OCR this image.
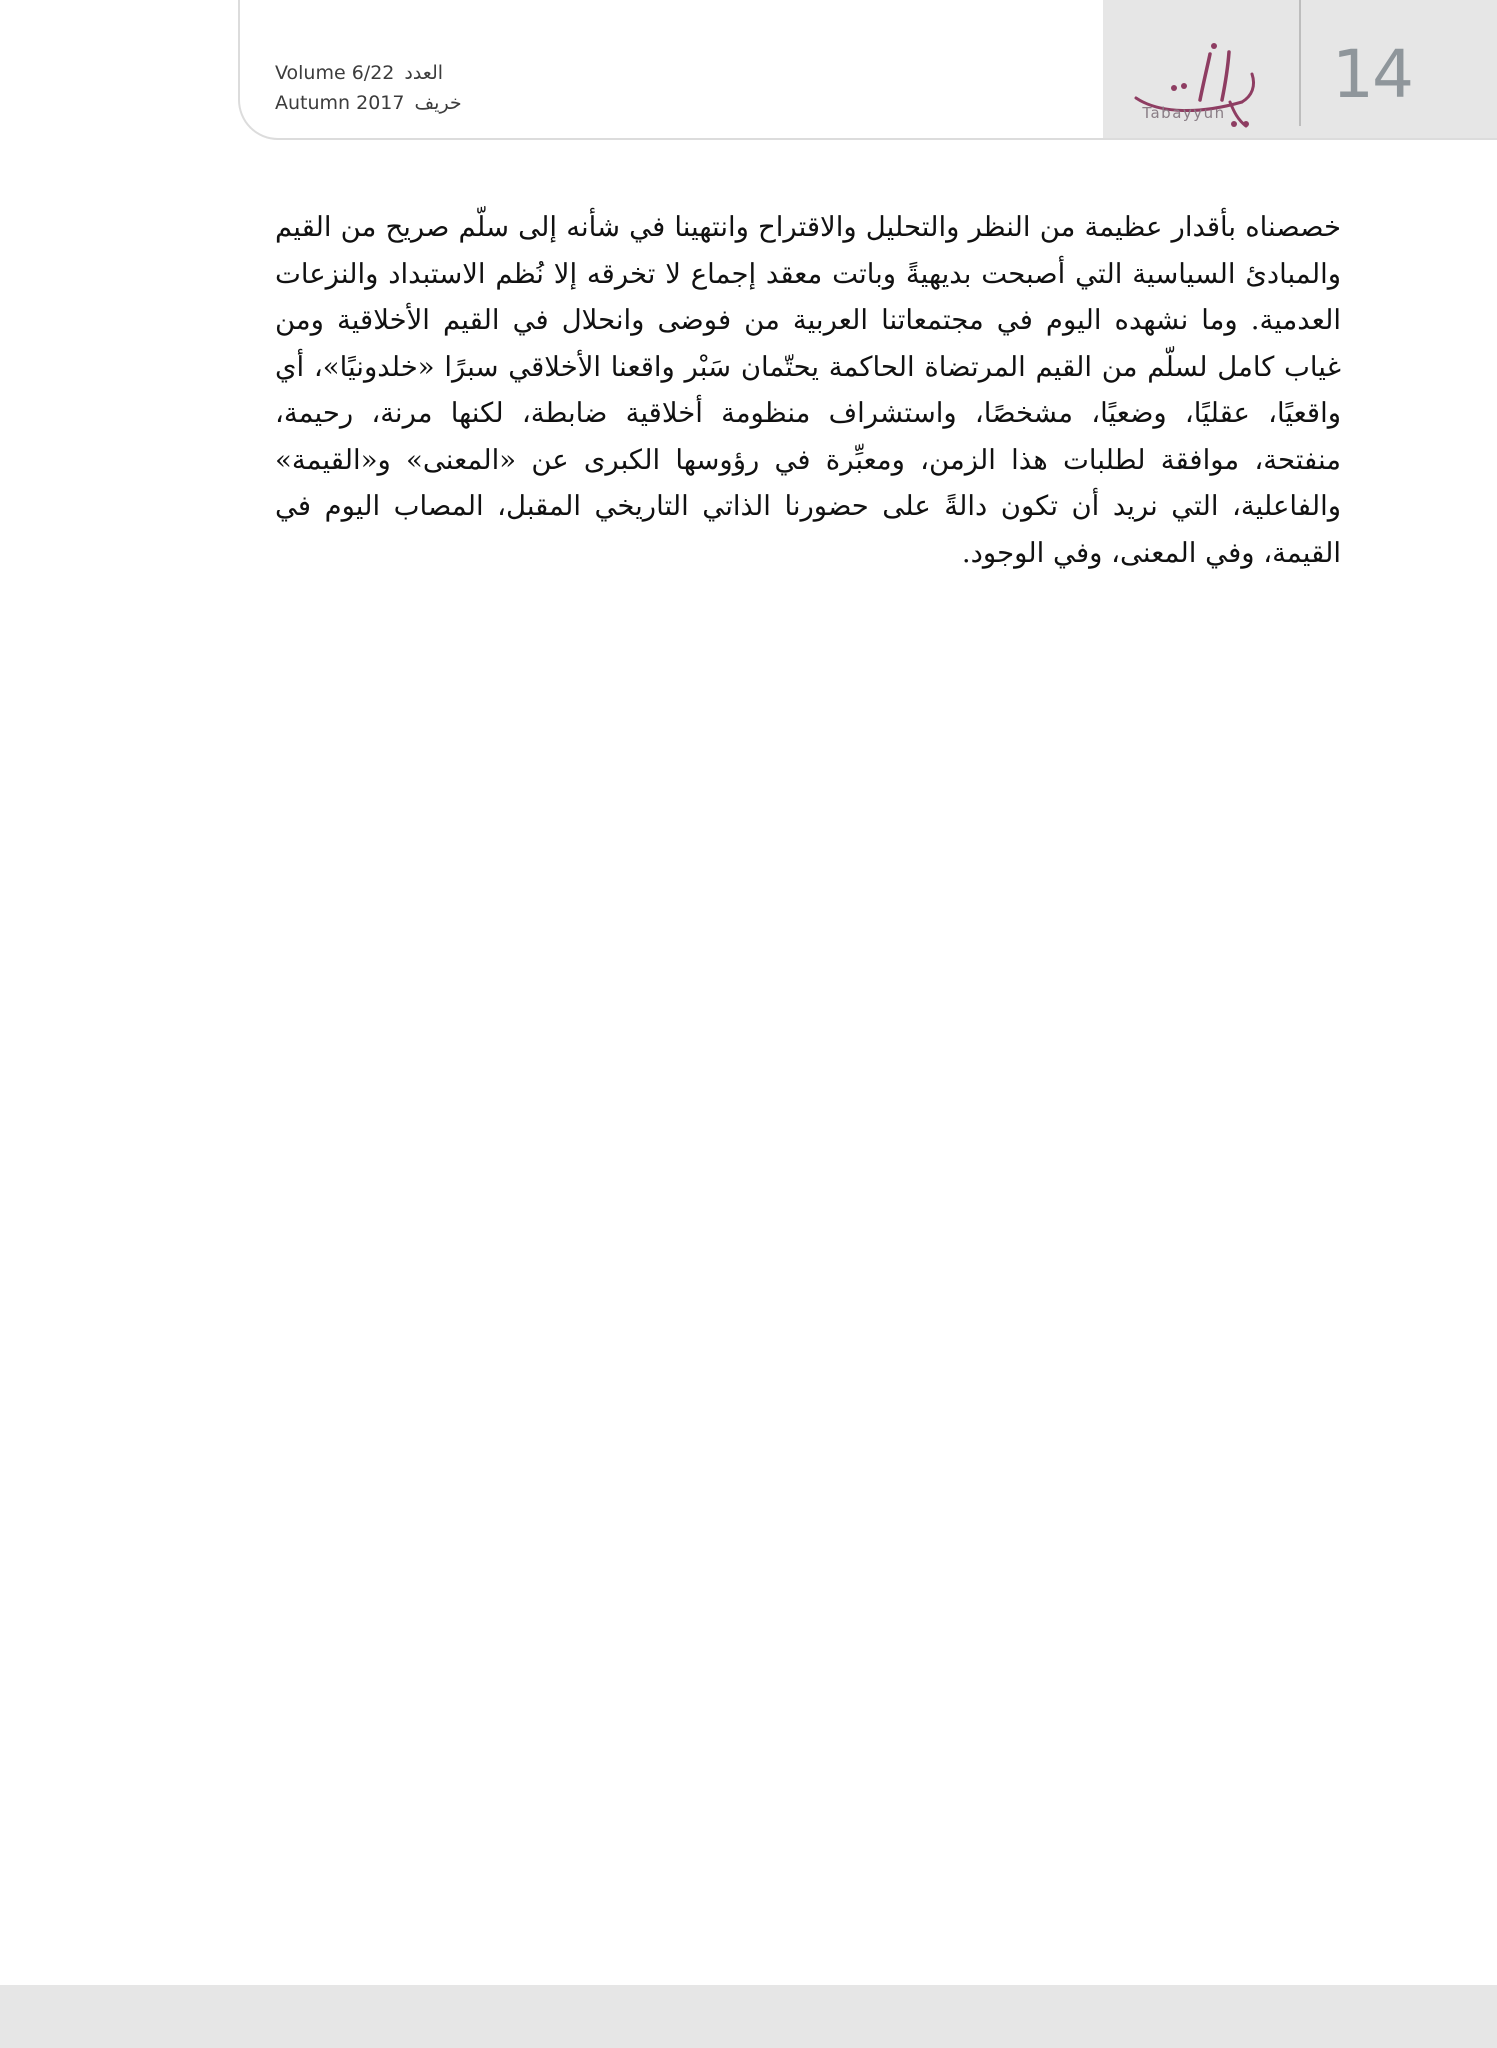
Tabayyun	14
Volume 6/22 العدد
Autumn 2017 خريف
خصصناه بأقدار عظيمة من النظر والتحليل والاقتراح وانتهينا في شأنه إلى سلّم صريح من القيم والمبادئ السياسية التي أصبحت بديهيةً وباتت معقد إجماع لا تخرقه إلا نُظم الاستبداد والنزعات العدمية. وما نشهده اليوم في مجتمعاتنا العربية من فوضى وانحلال في القيم الأخلاقية ومن غياب كامل لسلّم من القيم المرتضاة الحاكمة يحتّمان سَبْر واقعنا الأخلاقي سبرًا «خلدونيًا»، أي واقعيًا، عقليًا، وضعيًا، مشخصًا، واستشراف منظومة أخلاقية ضابطة، لكنها مرنة، رحيمة، منفتحة، موافقة لطلبات هذا الزمن، ومعبِّرة في رؤوسها الكبرى عن «المعنى» و«القيمة» والفاعلية، التي نريد أن تكون دالةً على حضورنا الذاتي التاريخي المقبل، المصاب اليوم في القيمة، وفي المعنى، وفي الوجود.
